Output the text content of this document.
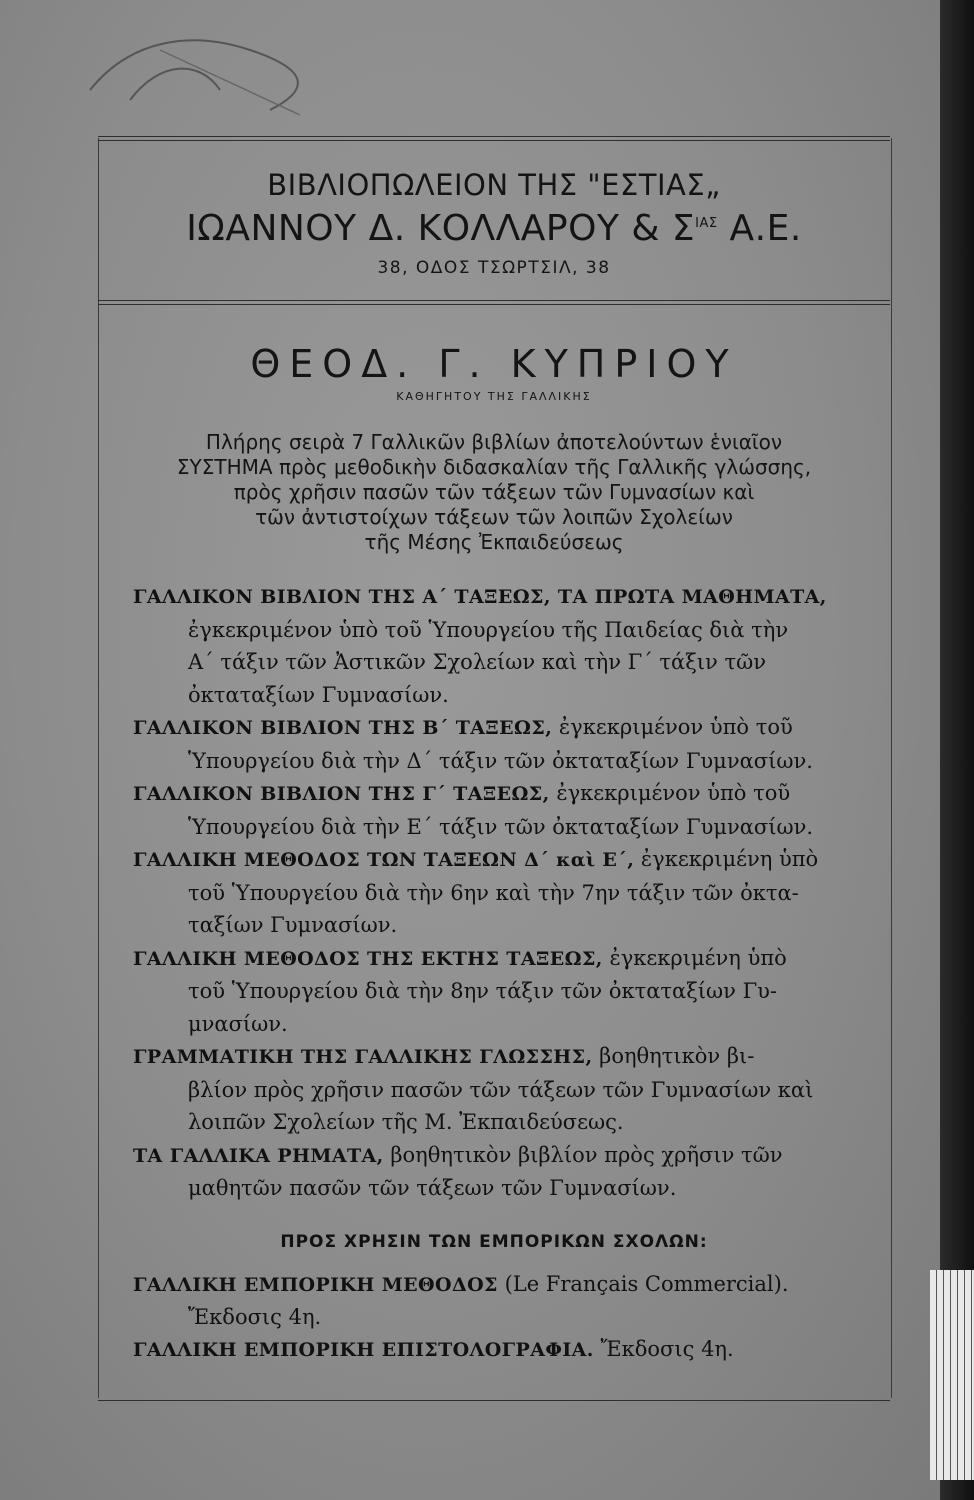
ΒΙΒΛΙΟΠΩΛΕΙΟΝ ΤΗΣ "ΕΣΤΙΑΣ„
ΙΩΑΝΝΟΥ Δ. ΚΟΛΛΑΡΟΥ & $\Sigma^{IA\Sigma}$ Α.Ε.
38, ΟΔΟΣ ΤΣΩΡΤΣΙΛ, 38
ΘΕΟΔ. Γ. ΚΥΠΡΙΟΥ
ΚΑΘΗΓΗΤΟΥ ΤΗΣ ΓΑΛΛΙΚΗΣ
Πλήρης σειρὰ 7 Γαλλικῶν βιβλίων ἀποτελούντων ἑνιαῖον
ΣΥΣΤΗΜΑ πρὸς μεθοδικὴν διδασκαλίαν τῆς Γαλλικῆς γλώσσης,
πρὸς χρῆσιν πασῶν τῶν τάξεων τῶν Γυμνασίων καὶ
τῶν ἀντιστοίχων τάξεων τῶν λοιπῶν Σχολείων
τῆς Μέσης Ἐκπαιδεύσεως

ΓΑΛΛΙΚΟΝ ΒΙΒΛΙΟΝ ΤΗΣ Α΄ ΤΑΞΕΩΣ, ΤΑ ΠΡΩΤΑ ΜΑΘΗΜΑΤΑ,
ἐγκεκριμένον ὑπὸ τοῦ Ὑπουργείου τῆς Παιδείας διὰ τὴν
Α΄ τάξιν τῶν Ἀστικῶν Σχολείων καὶ τὴν Γ΄ τάξιν τῶν
ὀκταταξίων Γυμνασίων.

ΓΑΛΛΙΚΟΝ ΒΙΒΛΙΟΝ ΤΗΣ Β΄ ΤΑΞΕΩΣ, ἐγκεκριμένον ὑπὸ τοῦ
Ὑπουργείου διὰ τὴν Δ΄ τάξιν τῶν ὀκταταξίων Γυμνασίων.

ΓΑΛΛΙΚΟΝ ΒΙΒΛΙΟΝ ΤΗΣ Γ΄ ΤΑΞΕΩΣ, ἐγκεκριμένον ὑπὸ τοῦ
Ὑπουργείου διὰ τὴν Ε΄ τάξιν τῶν ὀκταταξίων Γυμνασίων.

ΓΑΛΛΙΚΗ ΜΕΘΟΔΟΣ ΤΩΝ ΤΑΞΕΩΝ Δ΄ καὶ Ε΄, ἐγκεκριμένη ὑπὸ
τοῦ Ὑπουργείου διὰ τὴν 6ην καὶ τὴν 7ην τάξιν τῶν ὀκτα-
ταξίων Γυμνασίων.

ΓΑΛΛΙΚΗ ΜΕΘΟΔΟΣ ΤΗΣ ΕΚΤΗΣ ΤΑΞΕΩΣ, ἐγκεκριμένη ὑπὸ
τοῦ Ὑπουργείου διὰ τὴν 8ην τάξιν τῶν ὀκταταξίων Γυ-
μνασίων.

ΓΡΑΜΜΑΤΙΚΗ ΤΗΣ ΓΑΛΛΙΚΗΣ ΓΛΩΣΣΗΣ, βοηθητικὸν βι-
βλίον πρὸς χρῆσιν πασῶν τῶν τάξεων τῶν Γυμνασίων καὶ
λοιπῶν Σχολείων τῆς Μ. Ἐκπαιδεύσεως.

ΤΑ ΓΑΛΛΙΚΑ ΡΗΜΑΤΑ, βοηθητικὸν βιβλίον πρὸς χρῆσιν τῶν
μαθητῶν πασῶν τῶν τάξεων τῶν Γυμνασίων.

ΠΡΟΣ ΧΡΗΣΙΝ ΤΩΝ ΕΜΠΟΡΙΚΩΝ ΣΧΟΛΩΝ:

ΓΑΛΛΙΚΗ ΕΜΠΟΡΙΚΗ ΜΕΘΟΔΟΣ (Le Français Commercial).
Ἔκδοσις 4η.

ΓΑΛΛΙΚΗ ΕΜΠΟΡΙΚΗ ΕΠΙΣΤΟΛΟΓΡΑΦΙΑ. Ἔκδοσις 4η.
